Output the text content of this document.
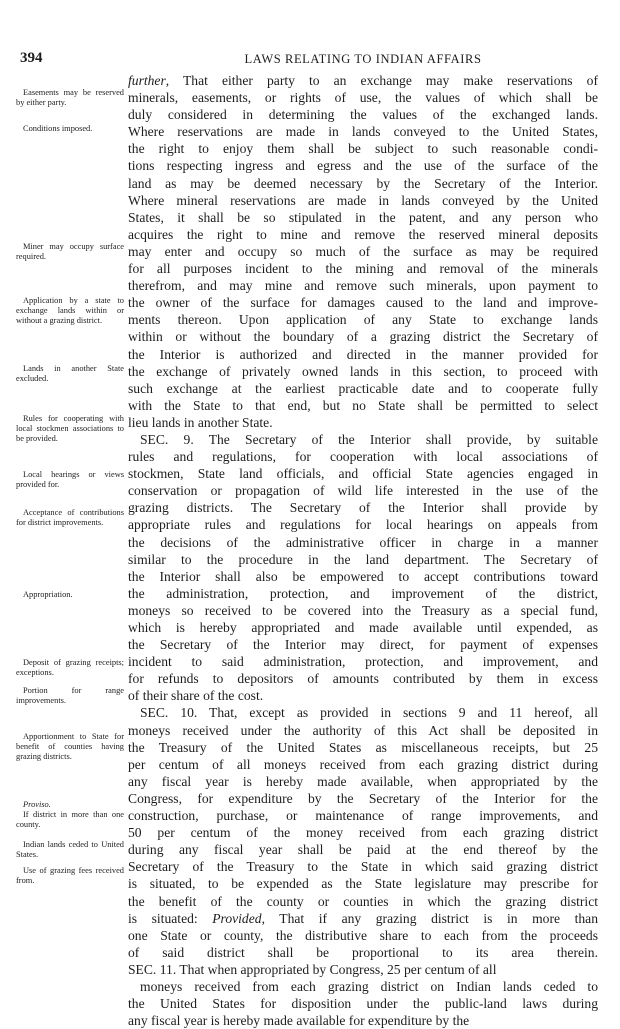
394	LAWS RELATING TO INDIAN AFFAIRS
Easements may be reserved by either party.
Conditions imposed.
Miner may occupy surface required.
Application by a state to exchange lands within or without a grazing district.
Lands in another State excluded.
Rules for cooperating with local stockmen associations to be provided.
Local hearings or views provided for.
Acceptance of contributions for district improvements.
Appropriation.
Deposit of grazing receipts; exceptions.
Portion for range improvements.
Apportionment to State for benefit of counties having grazing districts.
Proviso.
If district in more than one county.
Indian lands ceded to United States.
Use of grazing fees received from.
further, That either party to an exchange may make reservations of
minerals, easements, or rights of use, the values of which shall be
duly considered in determining the values of the exchanged lands.
Where reservations are made in lands conveyed to the United States,
the right to enjoy them shall be subject to such reasonable condi-
tions respecting ingress and egress and the use of the surface of the
land as may be deemed necessary by the Secretary of the Interior.
Where mineral reservations are made in lands conveyed by the United
States, it shall be so stipulated in the patent, and any person who
acquires the right to mine and remove the reserved mineral deposits
may enter and occupy so much of the surface as may be required
for all purposes incident to the mining and removal of the minerals
therefrom, and may mine and remove such minerals, upon payment to
the owner of the surface for damages caused to the land and improve-
ments thereon. Upon application of any State to exchange lands
within or without the boundary of a grazing district the Secretary of
the Interior is authorized and directed in the manner provided for
the exchange of privately owned lands in this section, to proceed with
such exchange at the earliest practicable date and to cooperate fully
with the State to that end, but no State shall be permitted to select
lieu lands in another State.
SEC. 9. The Secretary of the Interior shall provide, by suitable
rules and regulations, for cooperation with local associations of
stockmen, State land officials, and official State agencies engaged in
conservation or propagation of wild life interested in the use of the
grazing districts. The Secretary of the Interior shall provide by
appropriate rules and regulations for local hearings on appeals from
the decisions of the administrative officer in charge in a manner
similar to the procedure in the land department. The Secretary of
the Interior shall also be empowered to accept contributions toward
the administration, protection, and improvement of the district,
moneys so received to be covered into the Treasury as a special fund,
which is hereby appropriated and made available until expended, as
the Secretary of the Interior may direct, for payment of expenses
incident to said administration, protection, and improvement, and
for refunds to depositors of amounts contributed by them in excess
of their share of the cost.
SEC. 10. That, except as provided in sections 9 and 11 hereof, all
moneys received under the authority of this Act shall be deposited in
the Treasury of the United States as miscellaneous receipts, but 25
per centum of all moneys received from each grazing district during
any fiscal year is hereby made available, when appropriated by the
Congress, for expenditure by the Secretary of the Interior for the
construction, purchase, or maintenance of range improvements, and
50 per centum of the money received from each grazing district
during any fiscal year shall be paid at the end thereof by the
Secretary of the Treasury to the State in which said grazing district
is situated, to be expended as the State legislature may prescribe for
the benefit of the county or counties in which the grazing district
is situated: Provided, That if any grazing district is in more than
one State or county, the distributive share to each from the proceeds
of said district shall be proportional to its area therein.
SEC. 11. That when appropriated by Congress, 25 per centum of all
moneys received from each grazing district on Indian lands ceded to
the United States for disposition under the public-land laws during
any fiscal year is hereby made available for expenditure by the
